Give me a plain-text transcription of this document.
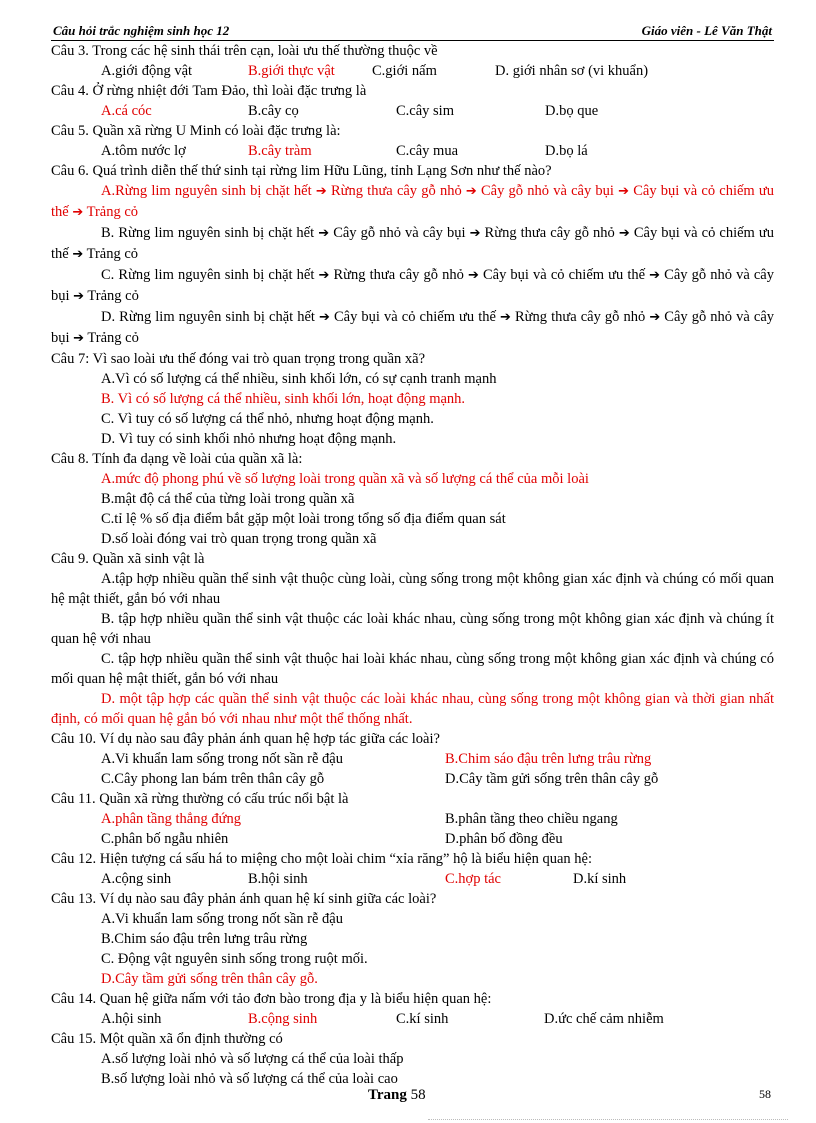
Câu hỏi trắc nghiệm sinh học 12	Giáo viên - Lê Văn Thật
Câu 3. Trong các hệ sinh thái trên cạn, loài ưu thế thường thuộc về
A.giới động vật	B.giới thực vật	C.giới nấm	D. giới nhân sơ (vi khuẩn)
Câu 4. Ở rừng nhiệt đới Tam Đảo, thì loài đặc trưng là
A.cá cóc	B.cây cọ	C.cây sim	D.bọ que
Câu 5. Quần xã rừng U Minh có loài đặc trưng là:
A.tôm nước lợ	B.cây tràm	C.cây mua	D.bọ lá
Câu 6. Quá trình diễn thế thứ sinh tại rừng lim Hữu Lũng, tỉnh Lạng Sơn như thế nào?
A.Rừng lim nguyên sinh bị chặt hết ➔ Rừng thưa cây gỗ nhỏ ➔ Cây gỗ nhỏ và cây bụi ➔ Cây bụi và cỏ chiếm ưu thế ➔ Trảng cỏ
B. Rừng lim nguyên sinh bị chặt hết ➔ Cây gỗ nhỏ và cây bụi ➔ Rừng thưa cây gỗ nhỏ ➔ Cây bụi và cỏ chiếm ưu thế ➔ Trảng cỏ
C. Rừng lim nguyên sinh bị chặt hết ➔ Rừng thưa cây gỗ nhỏ ➔ Cây bụi và cỏ chiếm ưu thế ➔ Cây gỗ nhỏ và cây bụi ➔ Trảng cỏ
D. Rừng lim nguyên sinh bị chặt hết ➔ Cây bụi và cỏ chiếm ưu thế ➔ Rừng thưa cây gỗ nhỏ ➔ Cây gỗ nhỏ và cây bụi ➔ Trảng cỏ
Câu 7: Vì sao loài ưu thế đóng vai trò quan trọng trong quần xã?
A.Vì có số lượng cá thể nhiều, sinh khối lớn, có sự cạnh tranh mạnh
B. Vì có số lượng cá thể nhiều, sinh khối lớn, hoạt động mạnh.
C. Vì tuy có số lượng cá thể nhỏ, nhưng hoạt động mạnh.
D. Vì tuy có sinh khối nhỏ nhưng hoạt động mạnh.
Câu 8. Tính đa dạng về loài của quần xã là:
A.mức độ phong phú về số lượng loài trong quần xã và số lượng cá thể của mỗi loài
B.mật độ cá thể của từng loài trong quần xã
C.tỉ lệ % số địa điểm bắt gặp một loài trong tổng số địa điểm quan sát
D.số loài đóng vai trò quan trọng trong quần xã
Câu 9. Quần xã sinh vật là
A.tập hợp nhiều quần thể sinh vật thuộc cùng loài, cùng sống trong một không gian xác định và chúng có mối quan hệ mật thiết, gắn bó với nhau
B. tập hợp nhiều quần thể sinh vật thuộc các loài khác nhau, cùng sống trong một không gian xác định và chúng ít quan hệ với nhau
C. tập hợp nhiều quần thể sinh vật thuộc hai loài khác nhau, cùng sống trong một không gian xác định và chúng có mối quan hệ mật thiết, gắn bó với nhau
D. một tập hợp các quần thể sinh vật thuộc các loài khác nhau, cùng sống trong một không gian và thời gian nhất định, có mối quan hệ gắn bó với nhau như một thể thống nhất.
Câu 10. Ví dụ nào sau đây phản ánh quan hệ hợp tác giữa các loài?
A.Vi khuẩn lam sống trong nốt sần rễ đậu	B.Chim sáo đậu trên lưng trâu rừng
C.Cây phong lan bám trên thân cây gỗ	D.Cây tầm gửi sống trên thân cây gỗ
Câu 11. Quần xã rừng thường có cấu trúc nổi bật là
A.phân tầng thẳng đứng	B.phân tầng theo chiều ngang
C.phân bố ngẫu nhiên	D.phân bố đồng đều
Câu 12. Hiện tượng cá sấu há to miệng cho một loài chim “xỉa răng” hộ là biểu hiện quan hệ:
A.cộng sinh	B.hội sinh	C.hợp tác	D.kí sinh
Câu 13. Ví dụ nào sau đây phản ánh quan hệ kí sinh giữa các loài?
A.Vi khuẩn lam sống trong nốt sần rễ đậu
B.Chim sáo đậu trên lưng trâu rừng
C. Động vật nguyên sinh sống trong ruột mối.
D.Cây tầm gửi sống trên thân cây gỗ.
Câu 14. Quan hệ giữa nấm với tảo đơn bào trong địa y là biểu hiện quan hệ:
A.hội sinh	B.cộng sinh	C.kí sinh	D.ức chế cảm nhiễm
Câu 15. Một quần xã ổn định thường có
A.số lượng loài nhỏ và số lượng cá thể của loài thấp
B.số lượng loài nhỏ và số lượng cá thể của loài cao
Trang 58	58
